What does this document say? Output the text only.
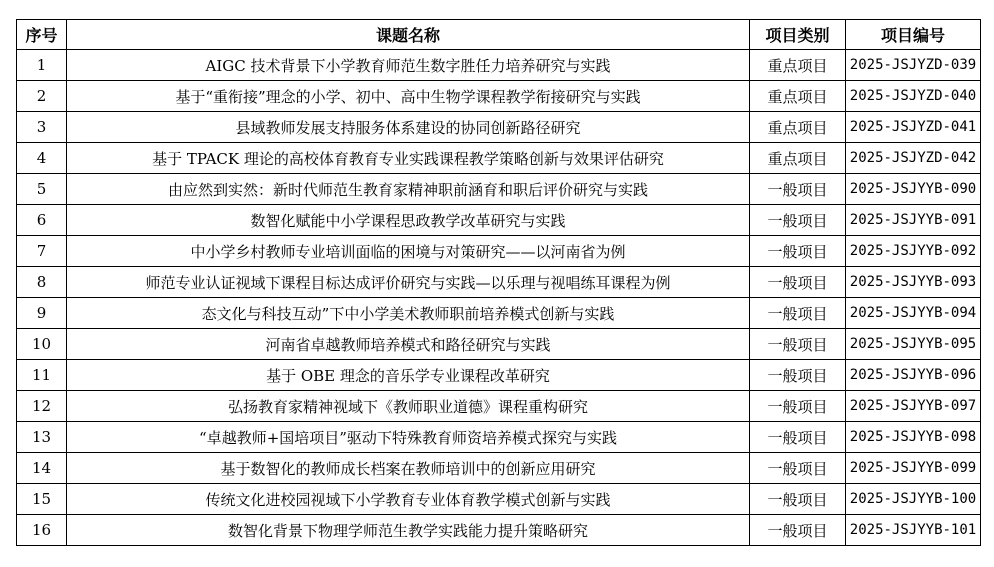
序号	课题名称	项目类别	项目编号
1	AIGC 技术背景下小学教育师范生数字胜任力培养研究与实践	重点项目	2025-JSJYZD-039
2	基于“重衔接”理念的小学、初中、高中生物学课程教学衔接研究与实践	重点项目	2025-JSJYZD-040
3	县域教师发展支持服务体系建设的协同创新路径研究	重点项目	2025-JSJYZD-041
4	基于 TPACK 理论的高校体育教育专业实践课程教学策略创新与效果评估研究	重点项目	2025-JSJYZD-042
5	由应然到实然：新时代师范生教育家精神职前涵育和职后评价研究与实践	一般项目	2025-JSJYYB-090
6	数智化赋能中小学课程思政教学改革研究与实践	一般项目	2025-JSJYYB-091
7	中小学乡村教师专业培训面临的困境与对策研究——以河南省为例	一般项目	2025-JSJYYB-092
8	师范专业认证视域下课程目标达成评价研究与实践—以乐理与视唱练耳课程为例	一般项目	2025-JSJYYB-093
9	态文化与科技互动”下中小学美术教师职前培养模式创新与实践	一般项目	2025-JSJYYB-094
10	河南省卓越教师培养模式和路径研究与实践	一般项目	2025-JSJYYB-095
11	基于 OBE 理念的音乐学专业课程改革研究	一般项目	2025-JSJYYB-096
12	弘扬教育家精神视域下《教师职业道德》课程重构研究	一般项目	2025-JSJYYB-097
13	“卓越教师+国培项目”驱动下特殊教育师资培养模式探究与实践	一般项目	2025-JSJYYB-098
14	基于数智化的教师成长档案在教师培训中的创新应用研究	一般项目	2025-JSJYYB-099
15	传统文化进校园视域下小学教育专业体育教学模式创新与实践	一般项目	2025-JSJYYB-100
16	数智化背景下物理学师范生教学实践能力提升策略研究	一般项目	2025-JSJYYB-101
